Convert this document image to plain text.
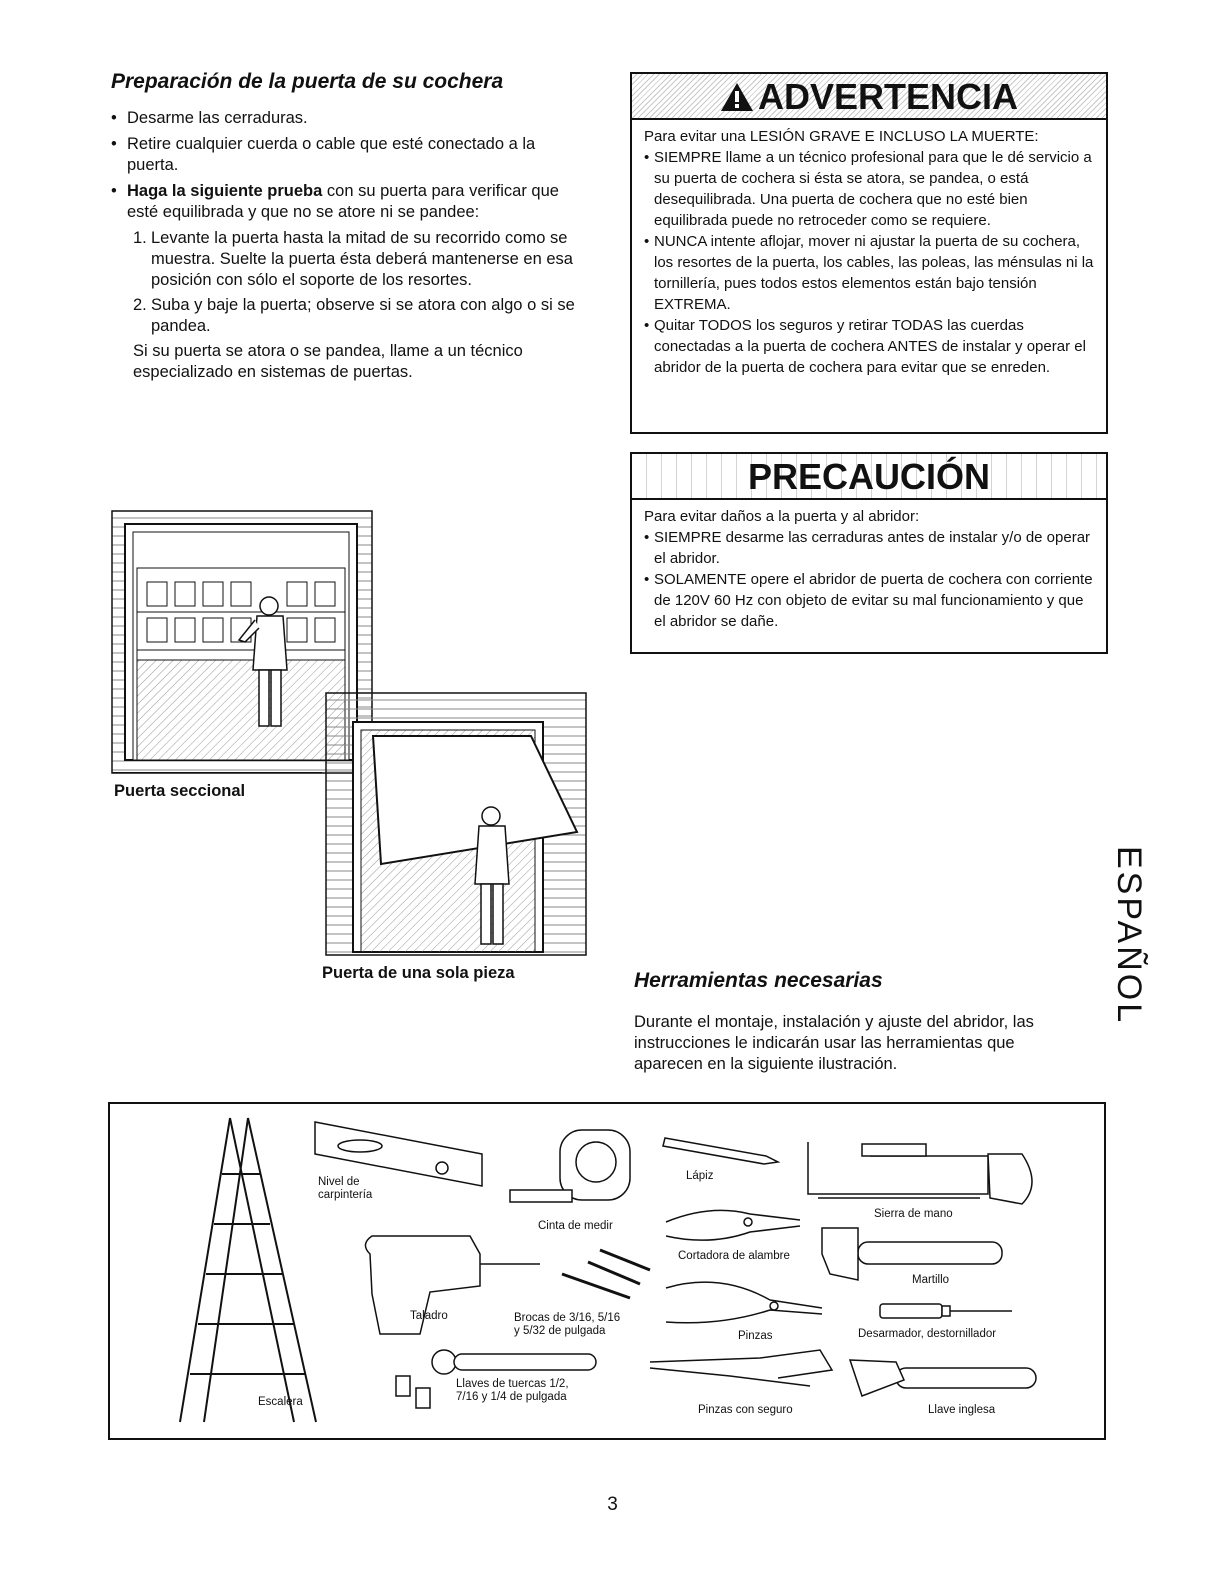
Preparación de la puerta de su cochera
• Desarme las cerraduras.
• Retire cualquier cuerda o cable que esté conectado a la puerta.
• Haga la siguiente prueba con su puerta para verificar que esté equilibrada y que no se atore ni se pandee:
1. Levante la puerta hasta la mitad de su recorrido como se muestra. Suelte la puerta ésta deberá mantenerse en esa posición con sólo el soporte de los resortes.
2. Suba y baje la puerta; observe si se atora con algo o si se pandea.
Si su puerta se atora o se pandea, llame a un técnico especializado en sistemas de puertas.
ADVERTENCIA
Para evitar una LESIÓN GRAVE E INCLUSO LA MUERTE:
• SIEMPRE llame a un técnico profesional para que le dé servicio a su puerta de cochera si ésta se atora, se pandea, o está desequilibrada. Una puerta de cochera que no esté bien equilibrada puede no retroceder como se requiere.
• NUNCA intente aflojar, mover ni ajustar la puerta de su cochera, los resortes de la puerta, los cables, las poleas, las ménsulas ni la tornillería, pues todos estos elementos están bajo tensión EXTREMA.
• Quitar TODOS los seguros y retirar TODAS las cuerdas conectadas a la puerta de cochera ANTES de instalar y operar el abridor de la puerta de cochera para evitar que se enreden.
PRECAUCIÓN
Para evitar daños a la puerta y al abridor:
• SIEMPRE desarme las cerraduras antes de instalar y/o de operar el abridor.
• SOLAMENTE opere el abridor de puerta de cochera con corriente de 120V 60 Hz con objeto de evitar su mal funcionamiento y que el abridor se dañe.
Puerta seccional
Puerta de una sola pieza	Herramientas necesarias
Durante el montaje, instalación y ajuste del abridor, las instrucciones le indicarán usar las herramientas que aparecen en la siguiente ilustración.
ESPAÑOL
Nivel de
carpintería
Cinta de medir
Taladro	Brocas de 3/16, 5/16
y 5/32 de pulgada
Llaves de tuercas 1/2,
7/16 y 1/4 de pulgada
Escalera
Lápiz
Cortadora de alambre
Pinzas
Pinzas con seguro
Sierra de mano
Martillo
Desarmador, destornillador
Llave inglesa
3
